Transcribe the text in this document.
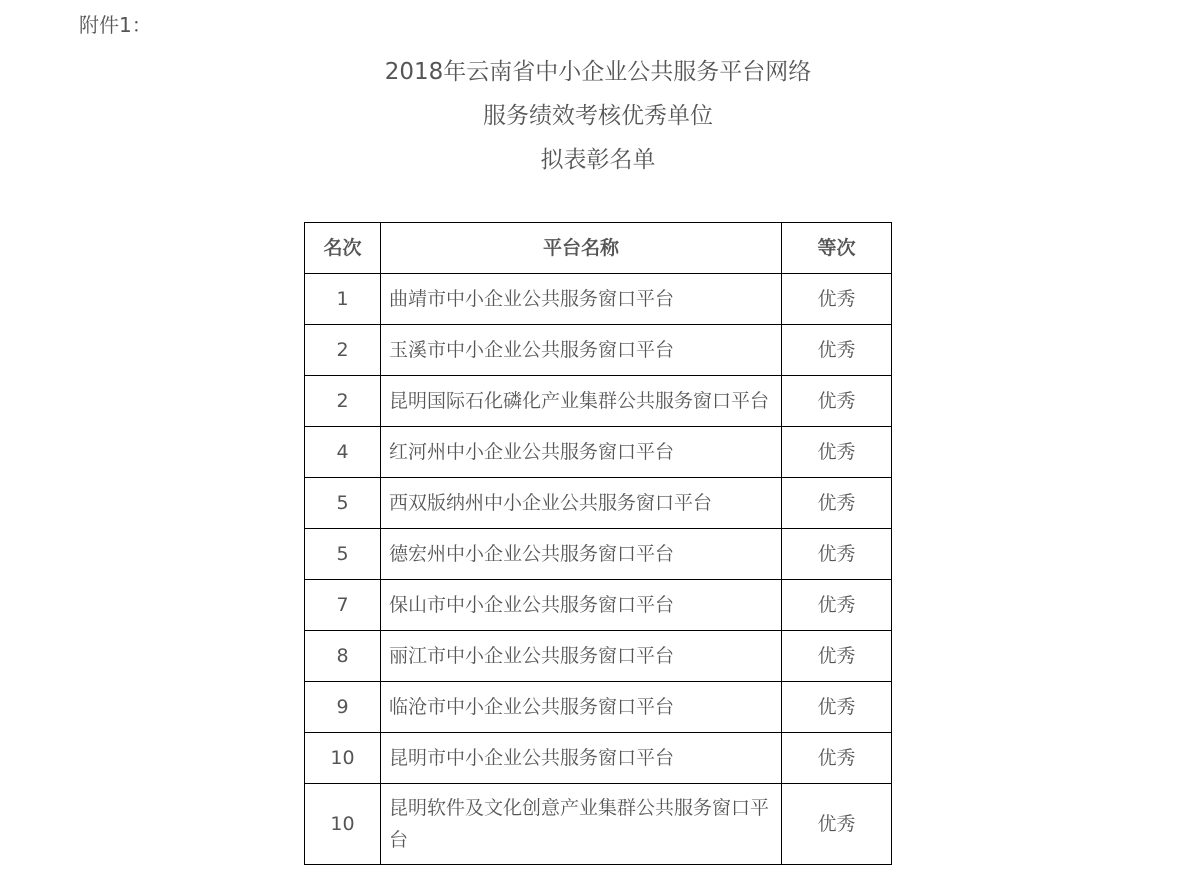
附件1：
2018年云南省中小企业公共服务平台网络
服务绩效考核优秀单位
拟表彰名单
名次	平台名称	等次
1	曲靖市中小企业公共服务窗口平台	优秀
2	玉溪市中小企业公共服务窗口平台	优秀
2	昆明国际石化磷化产业集群公共服务窗口平台	优秀
4	红河州中小企业公共服务窗口平台	优秀
5	西双版纳州中小企业公共服务窗口平台	优秀
5	德宏州中小企业公共服务窗口平台	优秀
7	保山市中小企业公共服务窗口平台	优秀
8	丽江市中小企业公共服务窗口平台	优秀
9	临沧市中小企业公共服务窗口平台	优秀
10	昆明市中小企业公共服务窗口平台	优秀
10	昆明软件及文化创意产业集群公共服务窗口平台	优秀
